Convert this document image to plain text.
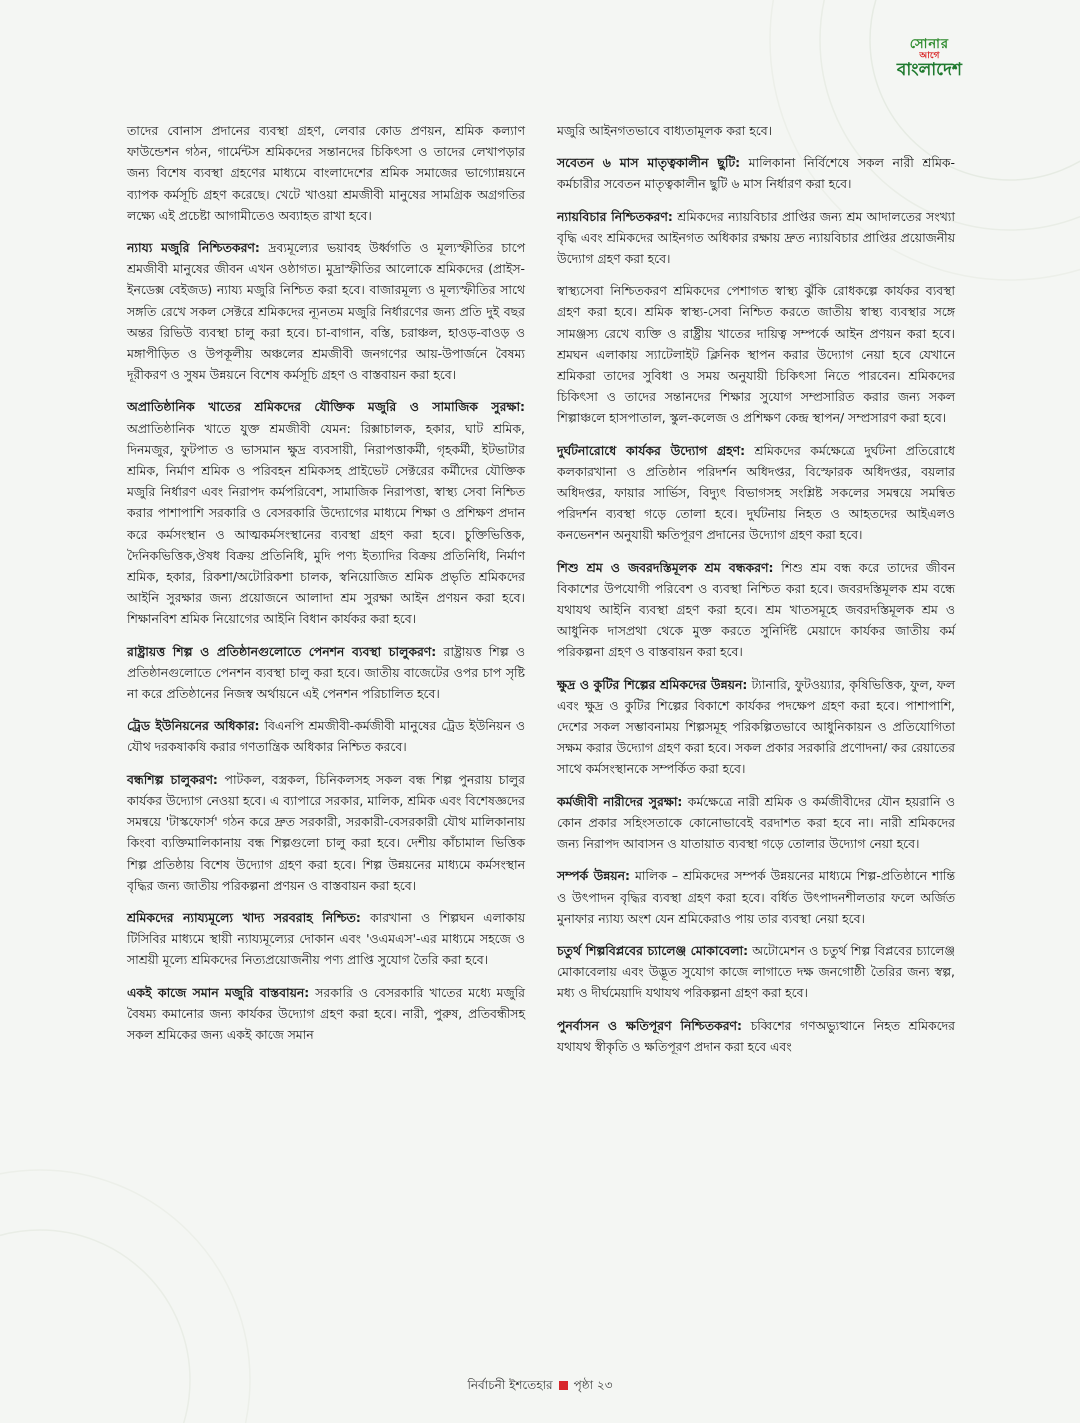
সোনার
আগে
বাংলাদেশ

তাদের বোনাস প্রদানের ব্যবস্থা গ্রহণ, লেবার কোড প্রণয়ন, শ্রমিক কল্যাণ ফাউন্ডেশন গঠন, গার্মেন্টস শ্রমিকদের সন্তানদের চিকিৎসা ও তাদের লেখাপড়ার জন্য বিশেষ ব্যবস্থা গ্রহণের মাধ্যমে বাংলাদেশের শ্রমিক সমাজের ভাগ্যোন্নয়নে ব্যাপক কর্মসূচি গ্রহণ করেছে। খেটে খাওয়া শ্রমজীবী মানুষের সামগ্রিক অগ্রগতির লক্ষ্যে এই প্রচেষ্টা আগামীতেও অব্যাহত রাখা হবে।

ন্যায্য মজুরি নিশ্চিতকরণ: দ্রব্যমূল্যের ভয়াবহ উর্ধ্বগতি ও মূল্যস্ফীতির চাপে শ্রমজীবী মানুষের জীবন এখন ওষ্ঠাগত। মুদ্রাস্ফীতির আলোকে শ্রমিকদের (প্রাইস-ইনডেক্স বেইজড) ন্যায্য মজুরি নিশ্চিত করা হবে। বাজারমূল্য ও মূল্যস্ফীতির সাথে সঙ্গতি রেখে সকল সেক্টরে শ্রমিকদের ন্যূনতম মজুরি নির্ধারণের জন্য প্রতি দুই বছর অন্তর রিভিউ ব্যবস্থা চালু করা হবে। চা-বাগান, বস্তি, চরাঞ্চল, হাওড়-বাওড় ও মঙ্গাপীড়িত ও উপকূলীয় অঞ্চলের শ্রমজীবী জনগণের আয়-উপার্জনে বৈষম্য দূরীকরণ ও সুষম উন্নয়নে বিশেষ কর্মসূচি গ্রহণ ও বাস্তবায়ন করা হবে।

অপ্রাতিষ্ঠানিক খাতের শ্রমিকদের যৌক্তিক মজুরি ও সামাজিক সুরক্ষা: অপ্রাতিষ্ঠানিক খাতে যুক্ত শ্রমজীবী যেমন: রিক্সাচালক, হকার, ঘাট শ্রমিক, দিনমজুর, ফুটপাত ও ভাসমান ক্ষুদ্র ব্যবসায়ী, নিরাপত্তাকর্মী, গৃহকর্মী, ইটভাটার শ্রমিক, নির্মাণ শ্রমিক ও পরিবহন শ্রমিকসহ প্রাইভেট সেক্টরের কর্মীদের যৌক্তিক মজুরি নির্ধারণ এবং নিরাপদ কর্মপরিবেশ, সামাজিক নিরাপত্তা, স্বাস্থ্য সেবা নিশ্চিত করার পাশাপাশি সরকারি ও বেসরকারি উদ্যোগের মাধ্যমে শিক্ষা ও প্রশিক্ষণ প্রদান করে কর্মসংস্থান ও আত্মকর্মসংস্থানের ব্যবস্থা গ্রহণ করা হবে। চুক্তিভিত্তিক, দৈনিকভিত্তিক,ঔষধ বিক্রয় প্রতিনিধি, মুদি পণ্য ইত্যাদির বিক্রয় প্রতিনিধি, নির্মাণ শ্রমিক, হকার, রিকশা/অটোরিকশা চালক, স্বনিয়োজিত শ্রমিক প্রভৃতি শ্রমিকদের আইনি সুরক্ষার জন্য প্রয়োজনে আলাদা শ্রম সুরক্ষা আইন প্রণয়ন করা হবে। শিক্ষানবিশ শ্রমিক নিয়োগের আইনি বিধান কার্যকর করা হবে।

রাষ্ট্রায়ত্ত শিল্প ও প্রতিষ্ঠানগুলোতে পেনশন ব্যবস্থা চালুকরণ: রাষ্ট্রায়ত্ত শিল্প ও প্রতিষ্ঠানগুলোতে পেনশন ব্যবস্থা চালু করা হবে। জাতীয় বাজেটের ওপর চাপ সৃষ্টি না করে প্রতিষ্ঠানের নিজস্ব অর্থায়নে এই পেনশন পরিচালিত হবে।

ট্রেড ইউনিয়নের অধিকার: বিএনপি শ্রমজীবী-কর্মজীবী মানুষের ট্রেড ইউনিয়ন ও যৌথ দরকষাকষি করার গণতান্ত্রিক অধিকার নিশ্চিত করবে।

বন্ধশিল্প চালুকরণ: পাটকল, বস্ত্রকল, চিনিকলসহ সকল বন্ধ শিল্প পুনরায় চালুর কার্যকর উদ্যোগ নেওয়া হবে। এ ব্যাপারে সরকার, মালিক, শ্রমিক এবং বিশেষজ্ঞদের সমন্বয়ে 'টাস্কফোর্স' গঠন করে দ্রুত সরকারী, সরকারী-বেসরকারী যৌথ মালিকানায় কিংবা ব্যক্তিমালিকানায় বন্ধ শিল্পগুলো চালু করা হবে। দেশীয় কাঁচামাল ভিত্তিক শিল্প প্রতিষ্ঠায় বিশেষ উদ্যোগ গ্রহণ করা হবে। শিল্প উন্নয়নের মাধ্যমে কর্মসংস্থান বৃদ্ধির জন্য জাতীয় পরিকল্পনা প্রণয়ন ও বাস্তবায়ন করা হবে।

শ্রমিকদের ন্যায্যমূল্যে খাদ্য সরবরাহ নিশ্চিত: কারখানা ও শিল্পঘন এলাকায় টিসিবির মাধ্যমে স্থায়ী ন্যায্যমূল্যের দোকান এবং 'ওএমএস'-এর মাধ্যমে সহজে ও সাশ্রয়ী মূল্যে শ্রমিকদের নিত্যপ্রয়োজনীয় পণ্য প্রাপ্তি সুযোগ তৈরি করা হবে।

একই কাজে সমান মজুরি বাস্তবায়ন: সরকারি ও বেসরকারি খাতের মধ্যে মজুরি বৈষম্য কমানোর জন্য কার্যকর উদ্যোগ গ্রহণ করা হবে। নারী, পুরুষ, প্রতিবন্ধীসহ সকল শ্রমিকের জন্য একই কাজে সমান

মজুরি আইনগতভাবে বাধ্যতামূলক করা হবে।

সবেতন ৬ মাস মাতৃত্বকালীন ছুটি: মালিকানা নির্বিশেষে সকল নারী শ্রমিক-কর্মচারীর সবেতন মাতৃত্বকালীন ছুটি ৬ মাস নির্ধারণ করা হবে।

ন্যায়বিচার নিশ্চিতকরণ: শ্রমিকদের ন্যায়বিচার প্রাপ্তির জন্য শ্রম আদালতের সংখ্যা বৃদ্ধি এবং শ্রমিকদের আইনগত অধিকার রক্ষায় দ্রুত ন্যায়বিচার প্রাপ্তির প্রয়োজনীয় উদ্যোগ গ্রহণ করা হবে।

স্বাস্থ্যসেবা নিশ্চিতকরণ শ্রমিকদের পেশাগত স্বাস্থ্য ঝুঁকি রোধকল্পে কার্যকর ব্যবস্থা গ্রহণ করা হবে। শ্রমিক স্বাস্থ্য-সেবা নিশ্চিত করতে জাতীয় স্বাস্থ্য ব্যবস্থার সঙ্গে সামঞ্জস্য রেখে ব্যক্তি ও রাষ্ট্রীয় খাতের দায়িত্ব সম্পর্কে আইন প্রণয়ন করা হবে। শ্রমঘন এলাকায় স্যাটেলাইট ক্লিনিক স্থাপন করার উদ্যোগ নেয়া হবে যেখানে শ্রমিকরা তাদের সুবিধা ও সময় অনুযায়ী চিকিৎসা নিতে পারবেন। শ্রমিকদের চিকিৎসা ও তাদের সন্তানদের শিক্ষার সুযোগ সম্প্রসারিত করার জন্য সকল শিল্পাঞ্চলে হাসপাতাল, স্কুল-কলেজ ও প্রশিক্ষণ কেন্দ্র স্থাপন/ সম্প্রসারণ করা হবে।

দুর্ঘটনারোধে কার্যকর উদ্যোগ গ্রহণ: শ্রমিকদের কর্মক্ষেত্রে দুর্ঘটনা প্রতিরোধে কলকারখানা ও প্রতিষ্ঠান পরিদর্শন অধিদপ্তর, বিস্ফোরক অধিদপ্তর, বয়লার অধিদপ্তর, ফায়ার সার্ভিস, বিদ্যুৎ বিভাগসহ সংশ্লিষ্ট সকলের সমন্বয়ে সমন্বিত পরিদর্শন ব্যবস্থা গড়ে তোলা হবে। দুর্ঘটনায় নিহত ও আহতদের আইএলও কনভেনশন অনুযায়ী ক্ষতিপূরণ প্রদানের উদ্যোগ গ্রহণ করা হবে।

শিশু শ্রম ও জবরদস্তিমূলক শ্রম বন্ধকরণ: শিশু শ্রম বন্ধ করে তাদের জীবন বিকাশের উপযোগী পরিবেশ ও ব্যবস্থা নিশ্চিত করা হবে। জবরদস্তিমূলক শ্রম বন্ধে যথাযথ আইনি ব্যবস্থা গ্রহণ করা হবে। শ্রম খাতসমূহে জবরদস্তিমূলক শ্রম ও আধুনিক দাসপ্রথা থেকে মুক্ত করতে সুনির্দিষ্ট মেয়াদে কার্যকর জাতীয় কর্ম পরিকল্পনা গ্রহণ ও বাস্তবায়ন করা হবে।

ক্ষুদ্র ও কুটির শিল্পের শ্রমিকদের উন্নয়ন: ট্যানারি, ফুটওয়্যার, কৃষিভিত্তিক, ফুল, ফল এবং ক্ষুদ্র ও কুটির শিল্পের বিকাশে কার্যকর পদক্ষেপ গ্রহণ করা হবে। পাশাপাশি, দেশের সকল সম্ভাবনাময় শিল্পসমূহ পরিকল্পিতভাবে আধুনিকায়ন ও প্রতিযোগিতা সক্ষম করার উদ্যোগ গ্রহণ করা হবে। সকল প্রকার সরকারি প্রণোদনা/ কর রেয়াতের সাথে কর্মসংস্থানকে সম্পর্কিত করা হবে।

কর্মজীবী নারীদের সুরক্ষা: কর্মক্ষেত্রে নারী শ্রমিক ও কর্মজীবীদের যৌন হয়রানি ও কোন প্রকার সহিংসতাকে কোনোভাবেই বরদাশত করা হবে না। নারী শ্রমিকদের জন্য নিরাপদ আবাসন ও যাতায়াত ব্যবস্থা গড়ে তোলার উদ্যোগ নেয়া হবে।

সম্পর্ক উন্নয়ন: মালিক – শ্রমিকদের সম্পর্ক উন্নয়নের মাধ্যমে শিল্প-প্রতিষ্ঠানে শান্তি ও উৎপাদন বৃদ্ধির ব্যবস্থা গ্রহণ করা হবে। বর্ধিত উৎপাদনশীলতার ফলে অর্জিত মুনাফার ন্যায্য অংশ যেন শ্রমিকেরাও পায় তার ব্যবস্থা নেয়া হবে।

চতুর্থ শিল্পবিপ্লবের চ্যালেঞ্জ মোকাবেলা: অটোমেশন ও চতুর্থ শিল্প বিপ্লবের চ্যালেঞ্জ মোকাবেলায় এবং উদ্ভূত সুযোগ কাজে লাগাতে দক্ষ জনগোষ্ঠী তৈরির জন্য স্বল্প, মধ্য ও দীর্ঘমেয়াদি যথাযথ পরিকল্পনা গ্রহণ করা হবে।

পুনর্বাসন ও ক্ষতিপূরণ নিশ্চিতকরণ: চব্বিশের গণঅভ্যুত্থানে নিহত শ্রমিকদের যথাযথ স্বীকৃতি ও ক্ষতিপূরণ প্রদান করা হবে এবং

নির্বাচনী ইশতেহার পৃষ্ঠা ২৩
